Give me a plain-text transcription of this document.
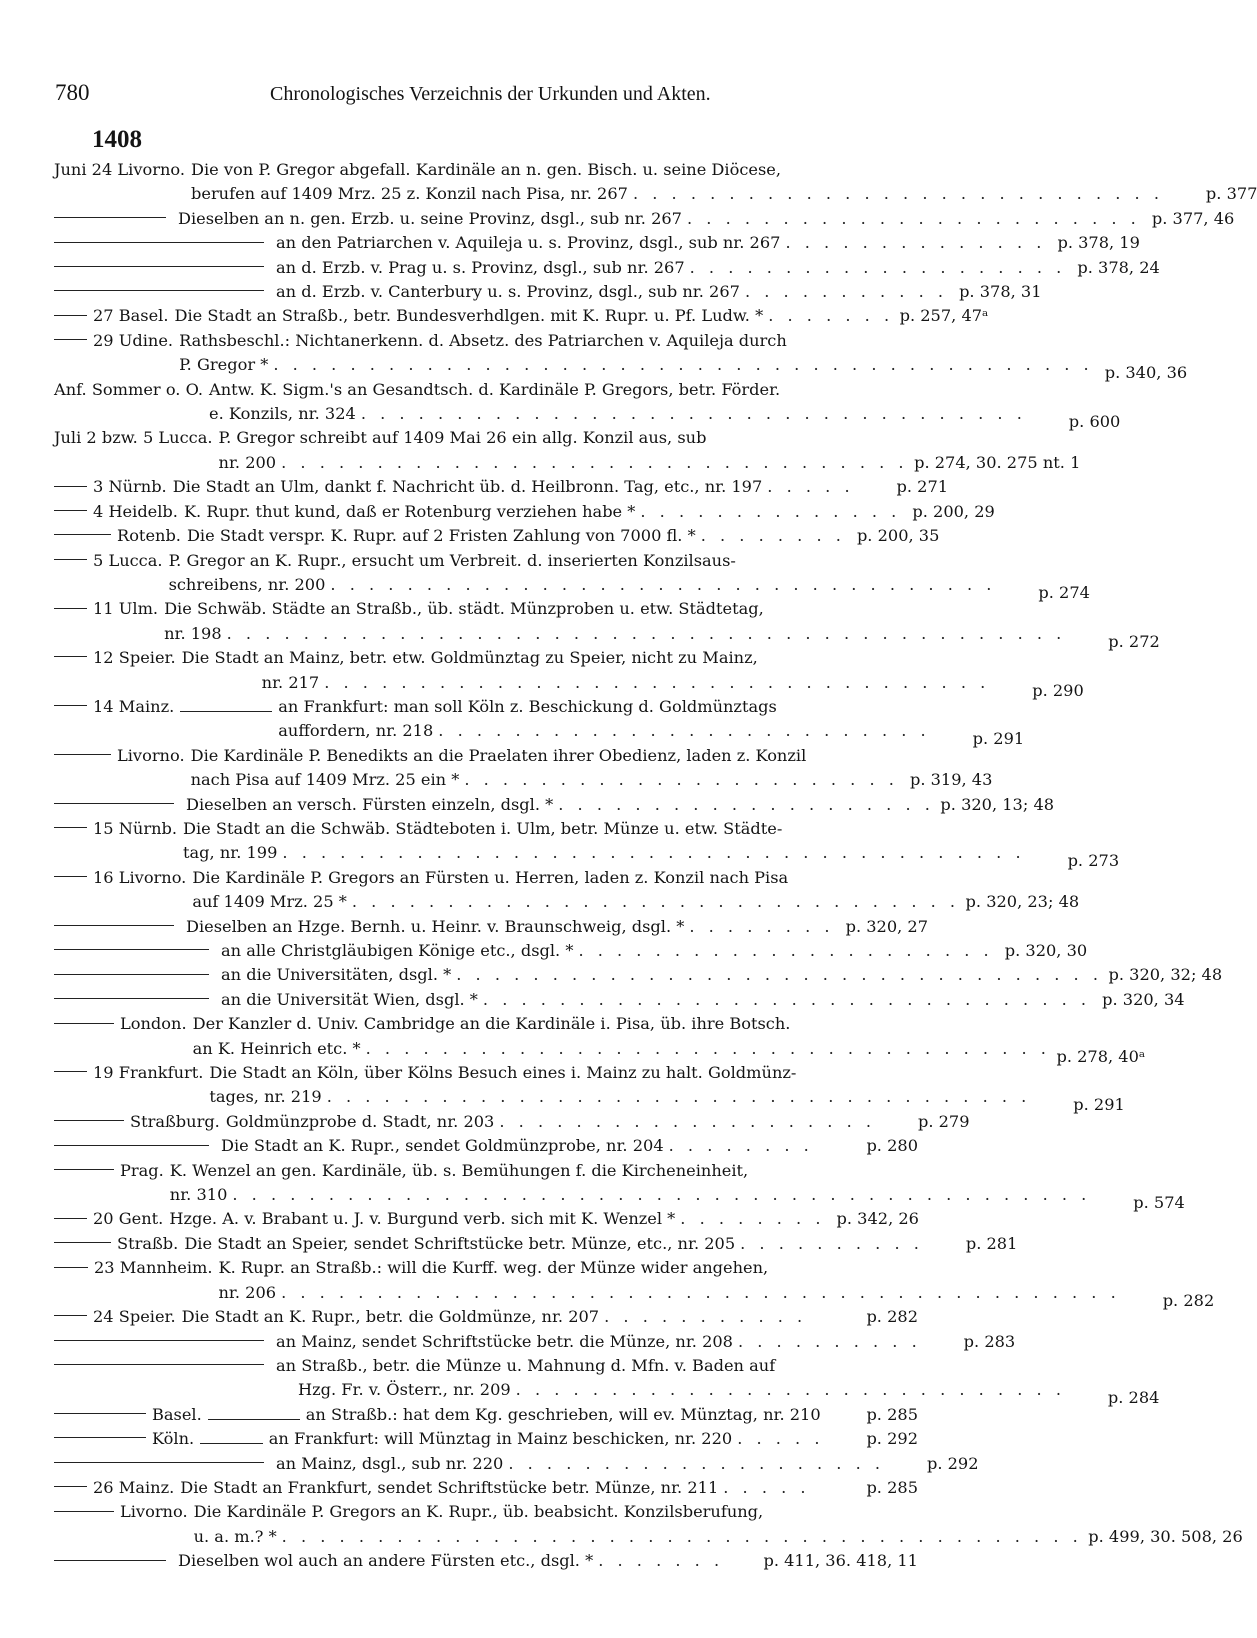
780	Chronologisches Verzeichnis der Urkunden und Akten.
1408
Juni 24 Livorno. Die von P. Gregor abgefall. Kardinäle an n. gen. Bisch. u. seine Diöcese,
berufen auf 1409 Mrz. 25 z. Konzil nach Pisa, nr. 267 . . . . . . . . . . . . . . . . . . . . . . . . . . . .	p. 377
Dieselben an n. gen. Erzb. u. seine Provinz, dsgl., sub nr. 267 . . . . . . . . . . . . . . . . . . . . . . . . p. 377, 46
an den Patriarchen v. Aquileja u. s. Provinz, dsgl., sub nr. 267 . . . . . . . . . . . . . . p. 378, 19
an d. Erzb. v. Prag u. s. Provinz, dsgl., sub nr. 267 . . . . . . . . . . . . . . . . . . . . p. 378, 24
an d. Erzb. v. Canterbury u. s. Provinz, dsgl., sub nr. 267 . . . . . . . . . . . p. 378, 31
27 Basel. Die Stadt an Straßb., betr. Bundesverhdlgen. mit K. Rupr. u. Pf. Ludw. * . . . . . . . p. 257, 47ᵃ
29 Udine. Rathsbeschl.: Nichtanerkenn. d. Absetz. des Patriarchen v. Aquileja durch
P. Gregor * . . . . . . . . . . . . . . . . . . . . . . . . . . . . . . . . . . . . . . . . . . . p. 340, 36
Anf. Sommer o. O. Antw. K. Sigm.'s an Gesandtsch. d. Kardinäle P. Gregors, betr. Förder.
e. Konzils, nr. 324 . . . . . . . . . . . . . . . . . . . . . . . . . . . . . . . . . . .	p. 600
Juli 2 bzw. 5 Lucca. P. Gregor schreibt auf 1409 Mai 26 ein allg. Konzil aus, sub
nr. 200 . . . . . . . . . . . . . . . . . . . . . . . . . . . . . . . . . p. 274, 30. 275 nt. 1
3 Nürnb. Die Stadt an Ulm, dankt f. Nachricht üb. d. Heilbronn. Tag, etc., nr. 197 . . . . .	p. 271
4 Heidelb. K. Rupr. thut kund, daß er Rotenburg verziehen habe * . . . . . . . . . . . . . . p. 200, 29
Rotenb. Die Stadt verspr. K. Rupr. auf 2 Fristen Zahlung von 7000 fl. * . . . . . . . . p. 200, 35
5 Lucca. P. Gregor an K. Rupr., ersucht um Verbreit. d. inserierten Konzilsaus-
schreibens, nr. 200 . . . . . . . . . . . . . . . . . . . . . . . . . . . . . . . . . . .	p. 274
11 Ulm. Die Schwäb. Städte an Straßb., üb. städt. Münzproben u. etw. Städtetag,
nr. 198 . . . . . . . . . . . . . . . . . . . . . . . . . . . . . . . . . . . . . . . . . . . .	p. 272
12 Speier. Die Stadt an Mainz, betr. etw. Goldmünztag zu Speier, nicht zu Mainz,
nr. 217 . . . . . . . . . . . . . . . . . . . . . . . . . . . . . . . . . . .	p. 290
14 Mainz.	an Frankfurt: man soll Köln z. Beschickung d. Goldmünztags
auffordern, nr. 218 . . . . . . . . . . . . . . . . . . . . . . . . . .	p. 291
Livorno. Die Kardinäle P. Benedikts an die Praelaten ihrer Obedienz, laden z. Konzil
nach Pisa auf 1409 Mrz. 25 ein * . . . . . . . . . . . . . . . . . . . . . . . p. 319, 43
Dieselben an versch. Fürsten einzeln, dsgl. * . . . . . . . . . . . . . . . . . . . . p. 320, 13; 48
15 Nürnb. Die Stadt an die Schwäb. Städteboten i. Ulm, betr. Münze u. etw. Städte-
tag, nr. 199 . . . . . . . . . . . . . . . . . . . . . . . . . . . . . . . . . . . . . . .	p. 273
16 Livorno. Die Kardinäle P. Gregors an Fürsten u. Herren, laden z. Konzil nach Pisa
auf 1409 Mrz. 25 * . . . . . . . . . . . . . . . . . . . . . . . . . . . . . . . . p. 320, 23; 48
Dieselben an Hzge. Bernh. u. Heinr. v. Braunschweig, dsgl. * . . . . . . . . p. 320, 27
an alle Christgläubigen Könige etc., dsgl. * . . . . . . . . . . . . . . . . . . . . . . p. 320, 30
an die Universitäten, dsgl. * . . . . . . . . . . . . . . . . . . . . . . . . . . . . . . . . . . p. 320, 32; 48
an die Universität Wien, dsgl. * . . . . . . . . . . . . . . . . . . . . . . . . . . . . . . . . p. 320, 34
London. Der Kanzler d. Univ. Cambridge an die Kardinäle i. Pisa, üb. ihre Botsch.
an K. Heinrich etc. * . . . . . . . . . . . . . . . . . . . . . . . . . . . . . . . . . . . . p. 278, 40ᵃ
19 Frankfurt. Die Stadt an Köln, über Kölns Besuch eines i. Mainz zu halt. Goldmünz-
tages, nr. 219 . . . . . . . . . . . . . . . . . . . . . . . . . . . . . . . . . . . . .	p. 291
Straßburg. Goldmünzprobe d. Stadt, nr. 203 . . . . . . . . . . . . . . . . . . . .	p. 279
Die Stadt an K. Rupr., sendet Goldmünzprobe, nr. 204 . . . . . . . .	p. 280
Prag. K. Wenzel an gen. Kardinäle, üb. s. Bemühungen f. die Kircheneinheit,
nr. 310 . . . . . . . . . . . . . . . . . . . . . . . . . . . . . . . . . . . . . . . . . . . . .	p. 574
20 Gent. Hzge. A. v. Brabant u. J. v. Burgund verb. sich mit K. Wenzel * . . . . . . . . p. 342, 26
Straßb. Die Stadt an Speier, sendet Schriftstücke betr. Münze, etc., nr. 205 . . . . . . . . . .	p. 281
23 Mannheim. K. Rupr. an Straßb.: will die Kurff. weg. der Münze wider angehen,
nr. 206 . . . . . . . . . . . . . . . . . . . . . . . . . . . . . . . . . . . . . . . . . . . .	p. 282
24 Speier. Die Stadt an K. Rupr., betr. die Goldmünze, nr. 207 . . . . . . . . . . .	p. 282
an Mainz, sendet Schriftstücke betr. die Münze, nr. 208 . . . . . . . . . .	p. 283
an Straßb., betr. die Münze u. Mahnung d. Mfn. v. Baden auf
Hzg. Fr. v. Österr., nr. 209 . . . . . . . . . . . . . . . . . . . . . . . . . . . . .	p. 284
Basel.	an Straßb.: hat dem Kg. geschrieben, will ev. Münztag, nr. 210	p. 285
Köln.	an Frankfurt: will Münztag in Mainz beschicken, nr. 220 . . . . .	p. 292
an Mainz, dsgl., sub nr. 220 . . . . . . . . . . . . . . . . . . . .	p. 292
26 Mainz. Die Stadt an Frankfurt, sendet Schriftstücke betr. Münze, nr. 211 . . . . .	p. 285
Livorno. Die Kardinäle P. Gregors an K. Rupr., üb. beabsicht. Konzilsberufung,
u. a. m.? * . . . . . . . . . . . . . . . . . . . . . . . . . . . . . . . . . . . . . . . . . . p. 499, 30. 508, 26
Dieselben wol auch an andere Fürsten etc., dsgl. * . . . . . . .	p. 411, 36. 418, 11
